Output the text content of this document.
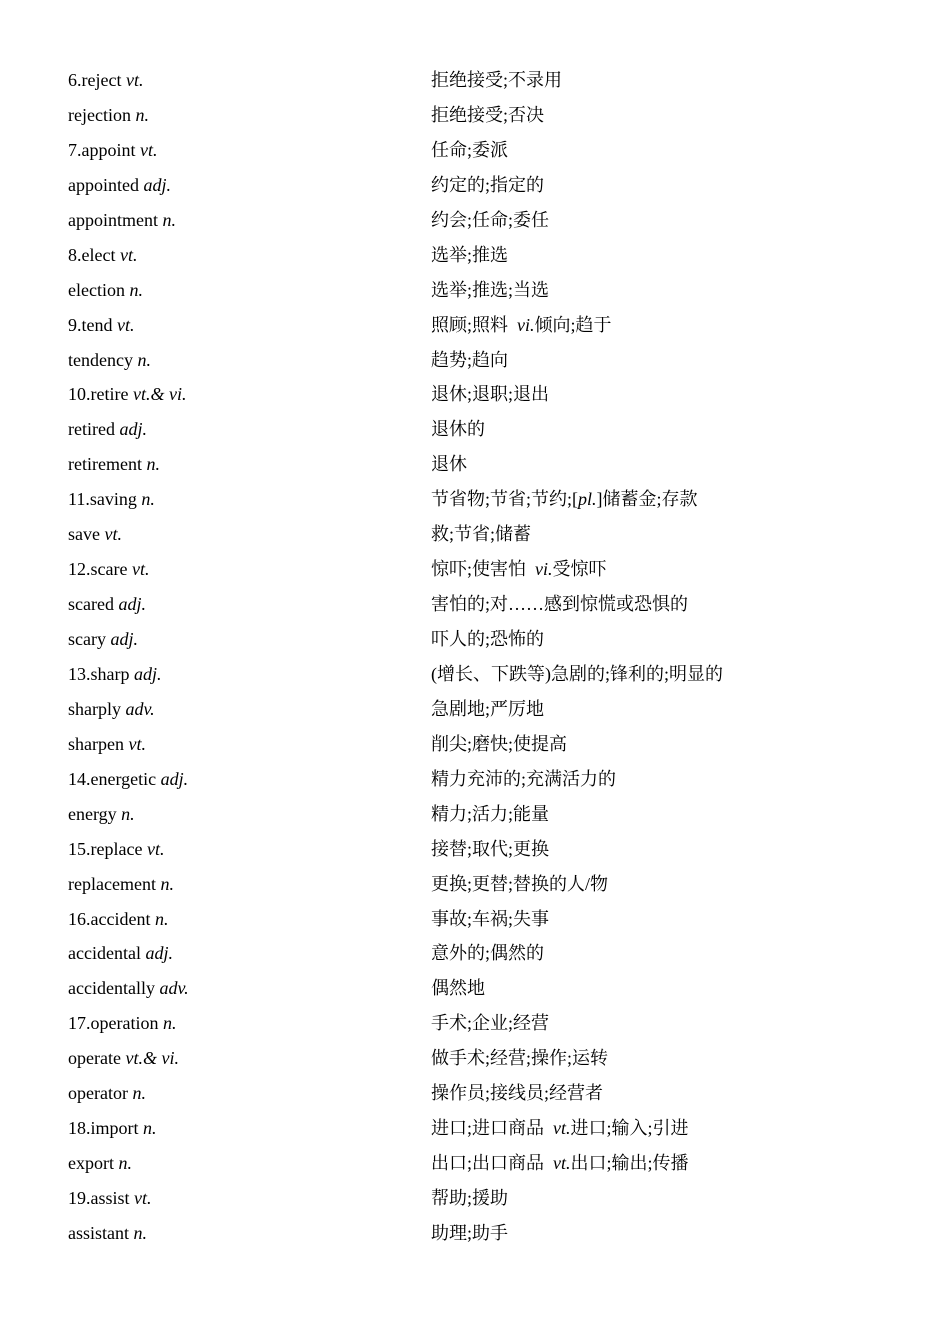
6.reject vt.	拒绝接受;不录用
rejection n.	拒绝接受;否决
7.appoint vt.	任命;委派
appointed adj.	约定的;指定的
appointment n.	约会;任命;委任
8.elect vt.	选举;推选
election n.	选举;推选;当选
9.tend vt.	照顾;照料 vi.倾向;趋于
tendency n.	趋势;趋向
10.retire vt.& vi.	退休;退职;退出
retired adj.	退休的
retirement n.	退休
11.saving n.	节省物;节省;节约;[pl.]储蓄金;存款
save vt.	救;节省;储蓄
12.scare vt.	惊吓;使害怕 vi.受惊吓
scared adj.	害怕的;对……感到惊慌或恐惧的
scary adj.	吓人的;恐怖的
13.sharp adj.	(增长、下跌等)急剧的;锋利的;明显的
sharply adv.	急剧地;严厉地
sharpen vt.	削尖;磨快;使提高
14.energetic adj.	精力充沛的;充满活力的
energy n.	精力;活力;能量
15.replace vt.	接替;取代;更换
replacement n.	更换;更替;替换的人/物
16.accident n.	事故;车祸;失事
accidental adj.	意外的;偶然的
accidentally adv.	偶然地
17.operation n.	手术;企业;经营
operate vt.& vi.	做手术;经营;操作;运转
operator n.	操作员;接线员;经营者
18.import n.	进口;进口商品 vt.进口;输入;引进
export n.	出口;出口商品 vt.出口;输出;传播
19.assist vt.	帮助;援助
assistant n.	助理;助手
